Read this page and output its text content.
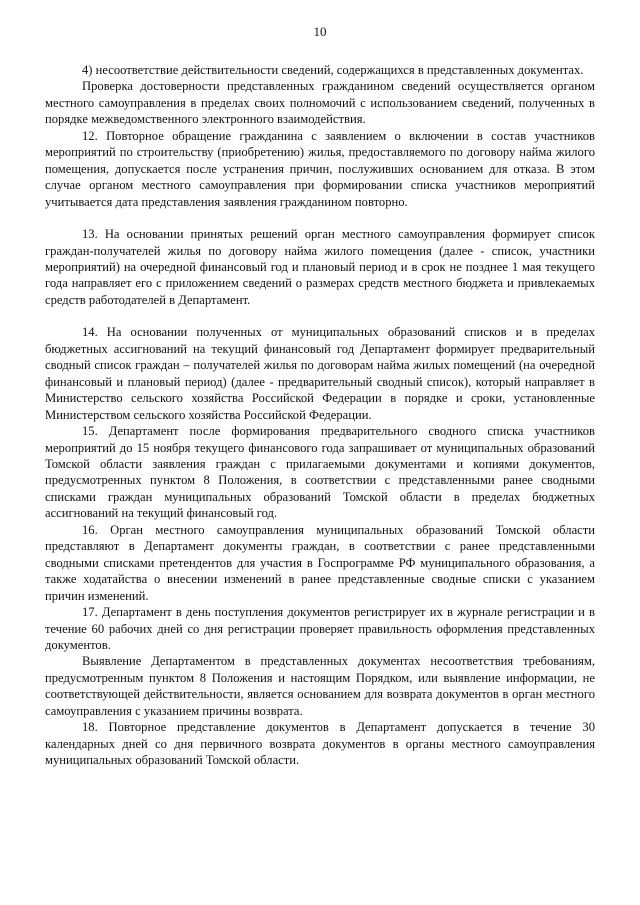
10

4) несоответствие действительности сведений, содержащихся в представленных документах.

Проверка достоверности представленных гражданином сведений осуществляется органом местного самоуправления в пределах своих полномочий с использованием сведений, полученных в порядке межведомственного электронного взаимодействия.

12. Повторное обращение гражданина с заявлением о включении в состав участников мероприятий по строительству (приобретению) жилья, предоставляемого по договору найма жилого помещения, допускается после устранения причин, послуживших основанием для отказа. В этом случае органом местного самоуправления при формировании списка участников мероприятий учитывается дата представления заявления гражданином повторно.

13. На основании принятых решений орган местного самоуправления формирует список граждан-получателей жилья по договору найма жилого помещения (далее - список, участники мероприятий) на очередной финансовый год и плановый период и в срок не позднее 1 мая текущего года направляет его с приложением сведений о размерах средств местного бюджета и привлекаемых средств работодателей в Департамент.

14. На основании полученных от муниципальных образований списков и в пределах бюджетных ассигнований на текущий финансовый год Департамент формирует предварительный сводный список граждан – получателей жилья по договорам найма жилых помещений (на очередной финансовый и плановый период) (далее - предварительный сводный список), который направляет в Министерство сельского хозяйства Российской Федерации в порядке и сроки, установленные Министерством сельского хозяйства Российской Федерации.

15. Департамент после формирования предварительного сводного списка участников мероприятий до 15 ноября текущего финансового года запрашивает от муниципальных образований Томской области заявления граждан с прилагаемыми документами и копиями документов, предусмотренных пунктом 8 Положения, в соответствии с представленными ранее сводными списками граждан муниципальных образований Томской области в пределах бюджетных ассигнований на текущий финансовый год.

16. Орган местного самоуправления муниципальных образований Томской области представляют в Департамент документы граждан, в соответствии с ранее представленными сводными списками претендентов для участия в Госпрограмме РФ муниципального образования, а также ходатайства о внесении изменений в ранее представленные сводные списки с указанием причин изменений.

17. Департамент в день поступления документов регистрирует их в журнале регистрации и в течение 60 рабочих дней со дня регистрации проверяет правильность оформления представленных документов.

Выявление Департаментом в представленных документах несоответствия требованиям, предусмотренным пунктом 8 Положения и настоящим Порядком, или выявление информации, не соответствующей действительности, является основанием для возврата документов в орган местного самоуправления с указанием причины возврата.

18. Повторное представление документов в Департамент допускается в течение 30 календарных дней со дня первичного возврата документов в органы местного самоуправления муниципальных образований Томской области.
